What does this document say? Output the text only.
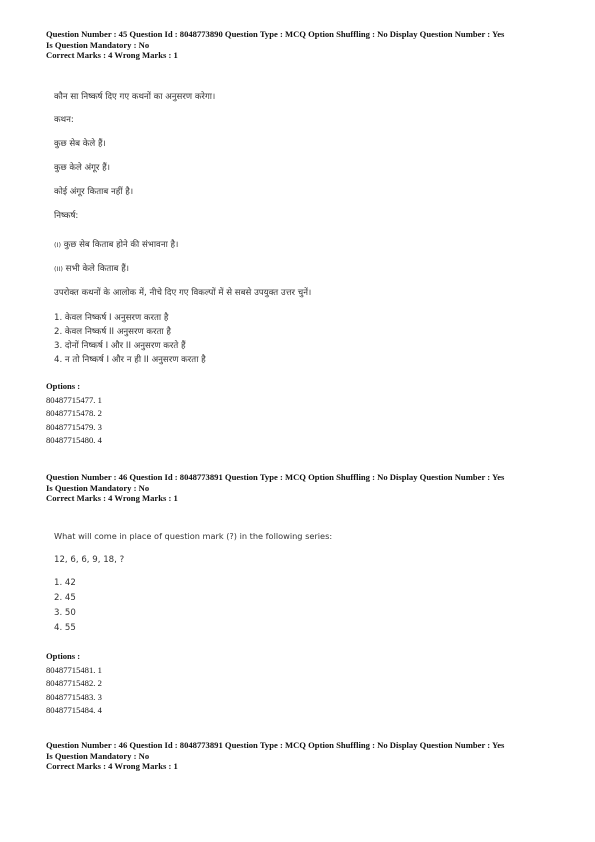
Question Number : 45 Question Id : 8048773890 Question Type : MCQ Option Shuffling : No Display Question Number : Yes
Is Question Mandatory : No
Correct Marks : 4 Wrong Marks : 1
कौन सा निष्कर्ष दिए गए कथनों का अनुसरण करेगा।
कथन:
कुछ सेब केले हैं।
कुछ केले अंगूर हैं।
कोई अंगूर किताब नहीं है।
निष्कर्ष:
(I) कुछ सेब किताब होने की संभावना है।
(II) सभी केले किताब हैं।
उपरोक्त कथनों के आलोक में, नीचे दिए गए विकल्पों में से सबसे उपयुक्त उत्तर चुनें।
1. केवल निष्कर्ष I अनुसरण करता है
2. केवल निष्कर्ष II अनुसरण करता है
3. दोनों निष्कर्ष I और II अनुसरण करते हैं
4. न तो निष्कर्ष I और न ही II अनुसरण करता है
Options :
80487715477. 1
80487715478. 2
80487715479. 3
80487715480. 4
Question Number : 46 Question Id : 8048773891 Question Type : MCQ Option Shuffling : No Display Question Number : Yes
Is Question Mandatory : No
Correct Marks : 4 Wrong Marks : 1
What will come in place of question mark (?) in the following series:
12, 6, 6, 9, 18, ?
1. 42
2. 45
3. 50
4. 55
Options :
80487715481. 1
80487715482. 2
80487715483. 3
80487715484. 4
Question Number : 46 Question Id : 8048773891 Question Type : MCQ Option Shuffling : No Display Question Number : Yes
Is Question Mandatory : No
Correct Marks : 4 Wrong Marks : 1
